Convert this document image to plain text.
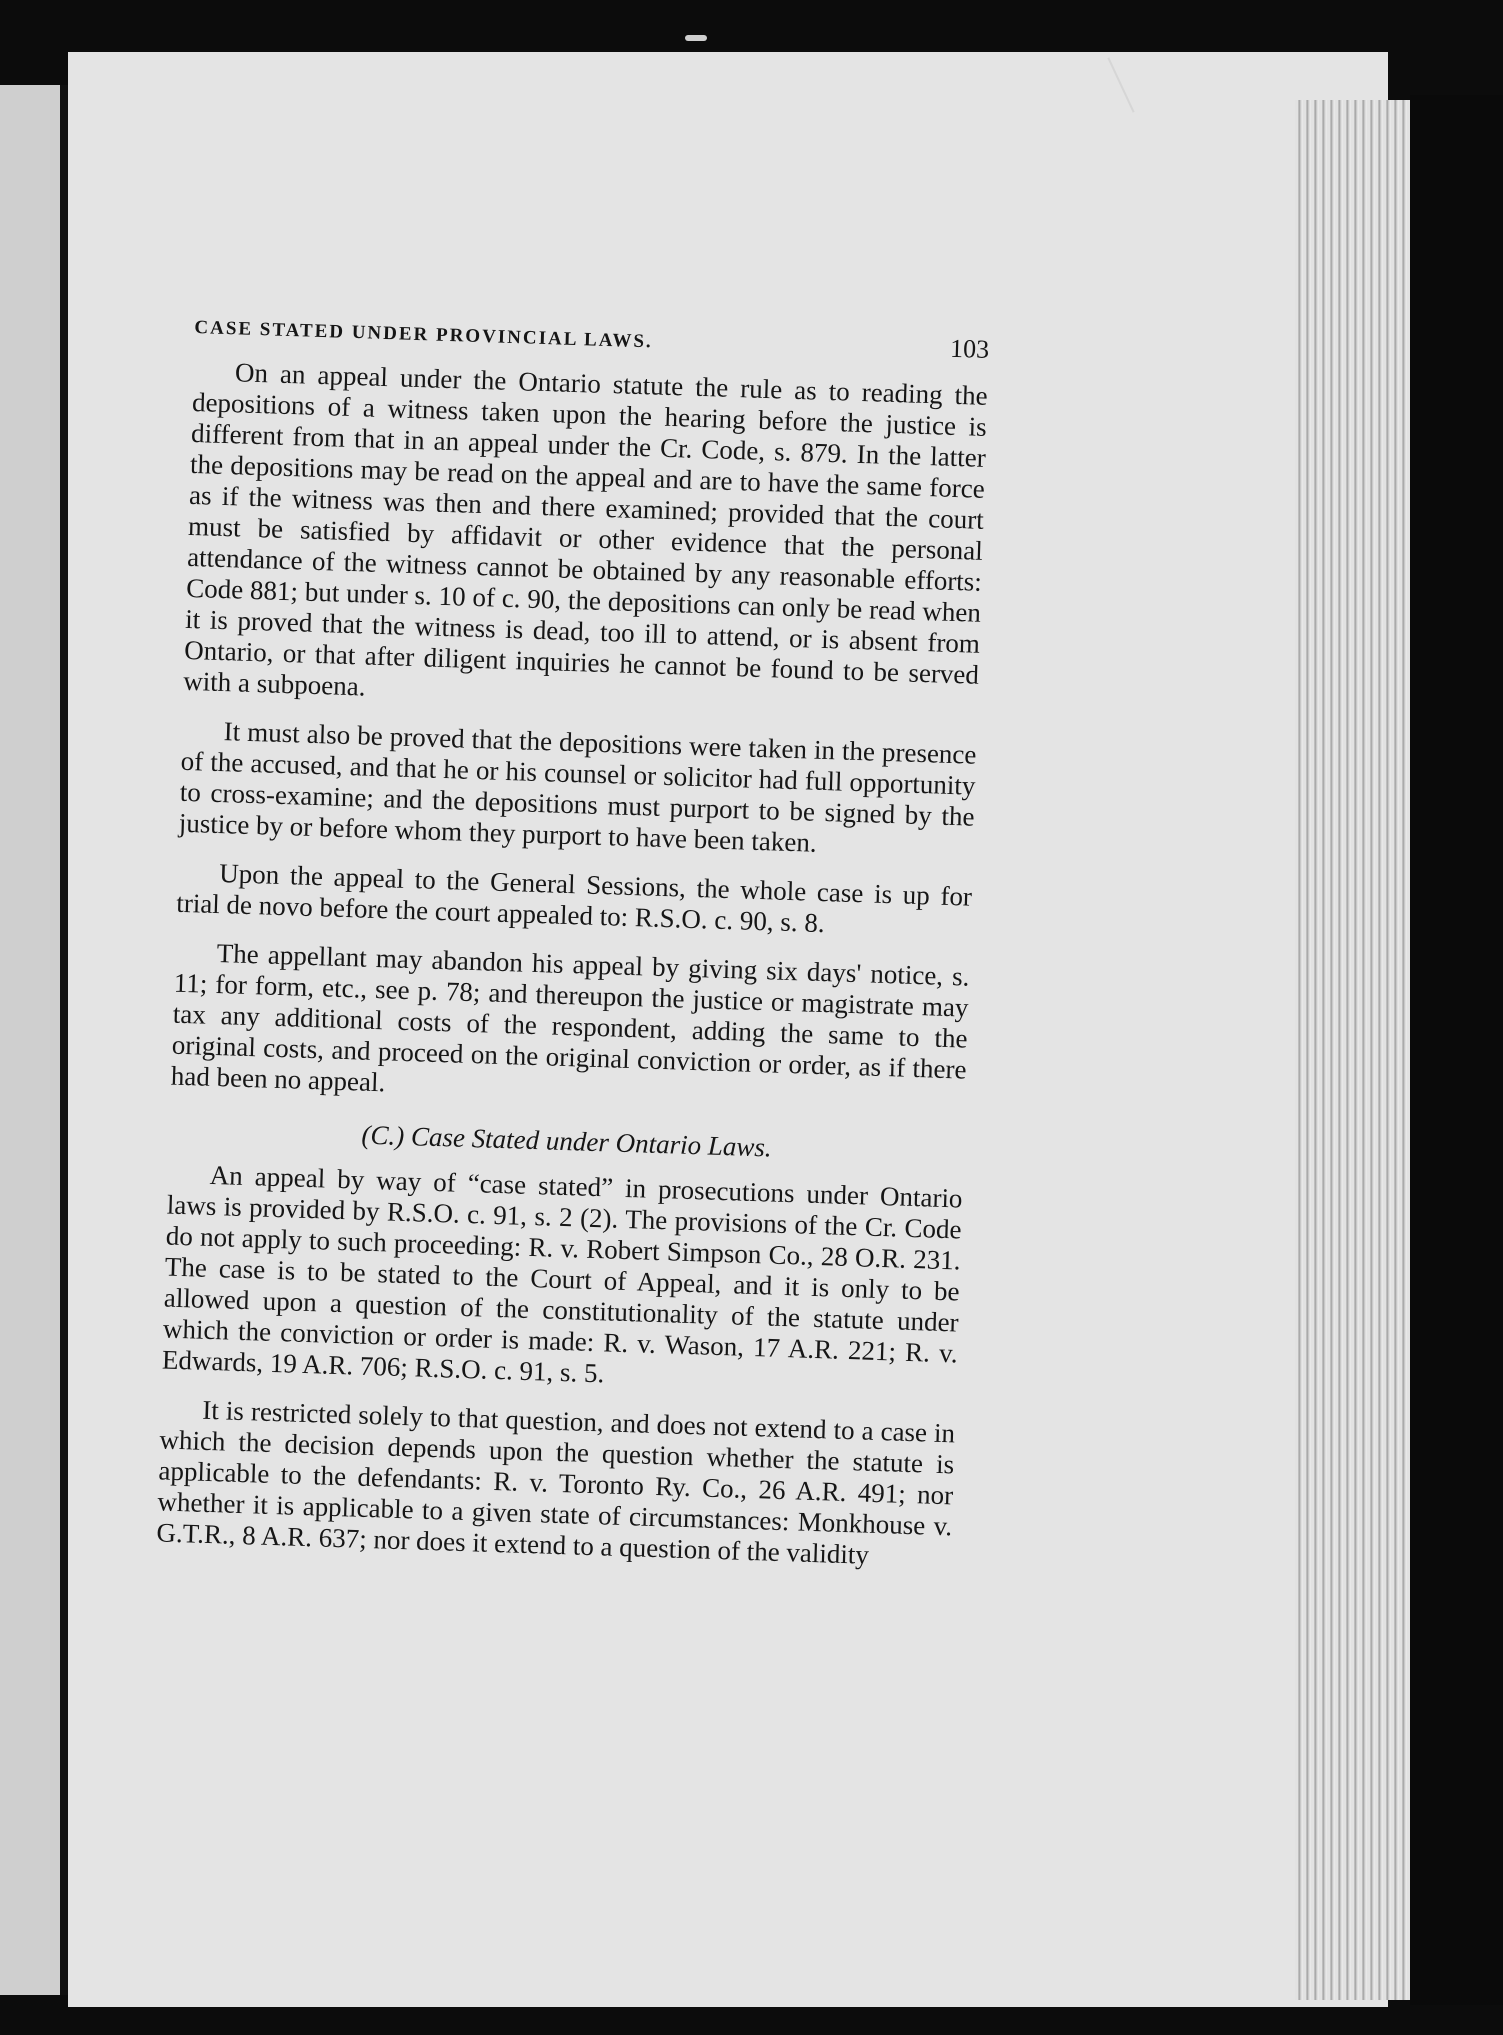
CASE STATED UNDER PROVINCIAL LAWS.	103

On an appeal under the Ontario statute the rule as to reading the depositions of a witness taken upon the hearing before the justice is different from that in an appeal under the Cr. Code, s. 879. In the latter the depositions may be read on the appeal and are to have the same force as if the witness was then and there examined; provided that the court must be satisfied by affidavit or other evidence that the personal attendance of the witness cannot be obtained by any reasonable efforts: Code 881; but under s. 10 of c. 90, the depositions can only be read when it is proved that the witness is dead, too ill to attend, or is absent from Ontario, or that after diligent inquiries he cannot be found to be served with a subpoena.

It must also be proved that the depositions were taken in the presence of the accused, and that he or his counsel or solicitor had full opportunity to cross-examine; and the depositions must purport to be signed by the justice by or before whom they purport to have been taken.

Upon the appeal to the General Sessions, the whole case is up for trial de novo before the court appealed to: R.S.O. c. 90, s. 8.

The appellant may abandon his appeal by giving six days' notice, s. 11; for form, etc., see p. 78; and thereupon the justice or magistrate may tax any additional costs of the respondent, adding the same to the original costs, and proceed on the original conviction or order, as if there had been no appeal.

(C.) Case Stated under Ontario Laws.

An appeal by way of “case stated” in prosecutions under Ontario laws is provided by R.S.O. c. 91, s. 2 (2). The provisions of the Cr. Code do not apply to such proceeding: R. v. Robert Simpson Co., 28 O.R. 231. The case is to be stated to the Court of Appeal, and it is only to be allowed upon a question of the constitutionality of the statute under which the conviction or order is made: R. v. Wason, 17 A.R. 221; R. v. Edwards, 19 A.R. 706; R.S.O. c. 91, s. 5.

It is restricted solely to that question, and does not extend to a case in which the decision depends upon the question whether the statute is applicable to the defendants: R. v. Toronto Ry. Co., 26 A.R. 491; nor whether it is applicable to a given state of circumstances: Monkhouse v. G.T.R., 8 A.R. 637; nor does it extend to a question of the validity
